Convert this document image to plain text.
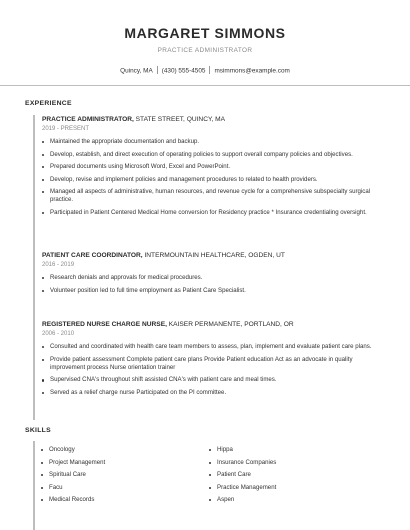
MARGARET SIMMONS
PRACTICE ADMINISTRATOR
Quincy, MA (430) 555-4505 msimmons@example.com
EXPERIENCE
PRACTICE ADMINISTRATOR, STATE STREET, QUINCY, MA
2019 - PRESENT
Maintained the appropriate documentation and backup.
Develop, establish, and direct execution of operating policies to support overall company policies and objectives.
Prepared documents using Microsoft Word, Excel and PowerPoint.
Develop, revise and implement policies and management procedures to related to health providers.
Managed all aspects of administrative, human resources, and revenue cycle for a comprehensive subspecialty surgical practice.
Participated in Patient Centered Medical Home conversion for Residency practice * Insurance credentialing oversight.
PATIENT CARE COORDINATOR, INTERMOUNTAIN HEALTHCARE, OGDEN, UT
2016 - 2019
Research denials and approvals for medical procedures.
Volunteer position led to full time employment as Patient Care Specialist.
REGISTERED NURSE CHARGE NURSE, KAISER PERMANENTE, PORTLAND, OR
2006 - 2010
Consulted and coordinated with health care team members to assess, plan, implement and evaluate patient care plans.
Provide patient assessment Complete patient care plans Provide Patient education Act as an advocate in quality improvement process Nurse orientation trainer
Supervised CNA's throughout shift assisted CNA's with patient care and meal times.
Served as a relief charge nurse Participated on the PI committee.
SKILLS
Oncology
Project Management
Spiritual Care
Facu
Medical Records
Hippa
Insurance Companies
Patient Care
Practice Management
Aspen
